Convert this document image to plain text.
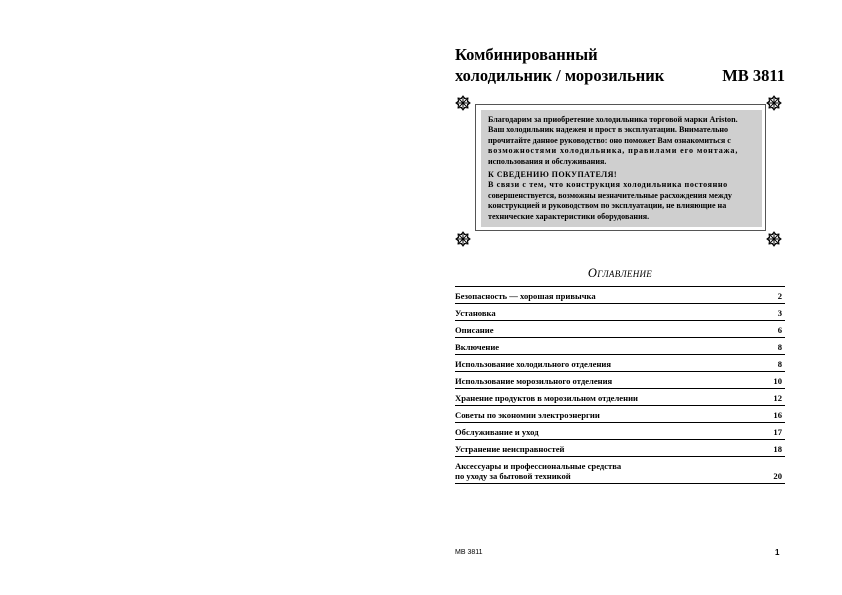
Комбинированный
холодильник / морозильник	MB 3811

Благодарим за приобретение холодильника торговой марки Ariston.

Ваш холодильник надежен и прост в эксплуатации. Внимательно

прочитайте данное руководство: оно поможет Вам ознакомиться с

возможностями холодильника, правилами его монтажа,

использования и обслуживания.

К СВЕДЕНИЮ ПОКУПАТЕЛЯ!

В связи с тем, что конструкция холодильника постоянно

совершенствуется, возможны незначительные расхождения между

конструкцией и руководством по эксплуатации, не влияющие на

технические характеристики оборудования.

Оглавление
Безопасность — хорошая привычка	2
Установка	3
Описание	6
Включение	8
Использование холодильного отделения	8
Использование морозильного отделения	10
Хранение продуктов в морозильном отделении	12
Советы по экономии электроэнергии	16
Обслуживание и уход	17
Устранение неисправностей	18
Аксессуары и профессиональные средства
по уходу за бытовой техникой	20
MB 3811	1
